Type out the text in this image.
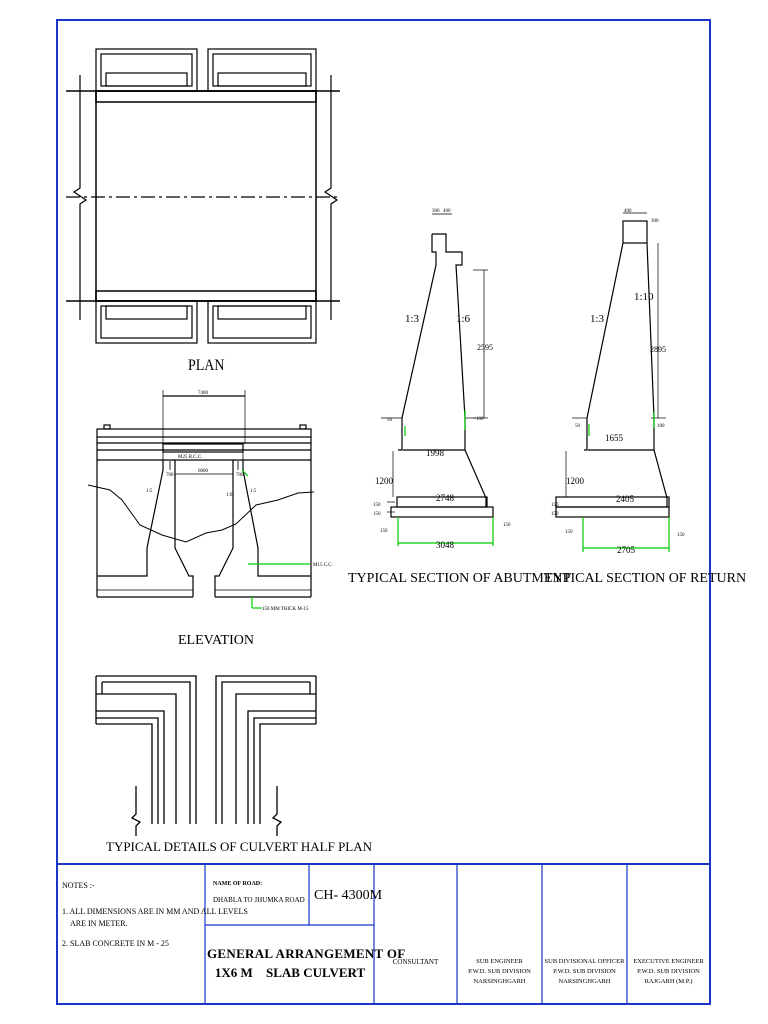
PLAN
7400
M25 R.C.C.
700
6000
700
1:5
1:6
1:5
M15 C.C.
150 MM THICK M-15
ELEVATION
TYPICAL DETAILS OF CULVERT HALF PLAN
300 400
1:3	1:6
2595
50	100
1998
1200
2748
150
150
150
150
3048
TYPICAL SECTION OF ABUTMENT
400
300
1:3
1:10
2895
50	100
1655
1200
2405
150
150
150
150
2705
TYPICAL SECTION OF RETURN
NOTES :-
1. ALL DIMENSIONS ARE IN MM AND ALL LEVELS
ARE IN METER.
2. SLAB CONCRETE IN M - 25
NAME OF ROAD:
DHABLA TO JHUMKA ROAD CH- 4300M
GENERAL ARRANGEMENT OF
1X6 M SLAB CULVERT
CONSULTANT	SUB ENGINEER
P.W.D. SUB DIVISION
NARSINGHGARH
SUB DIVISIONAL OFFICER
P.W.D. SUB DIVISION
NARSINGHGARH
EXECUTIVE ENGINEER
P.W.D. SUB DIVISION
RAJGARH (M.P.)
